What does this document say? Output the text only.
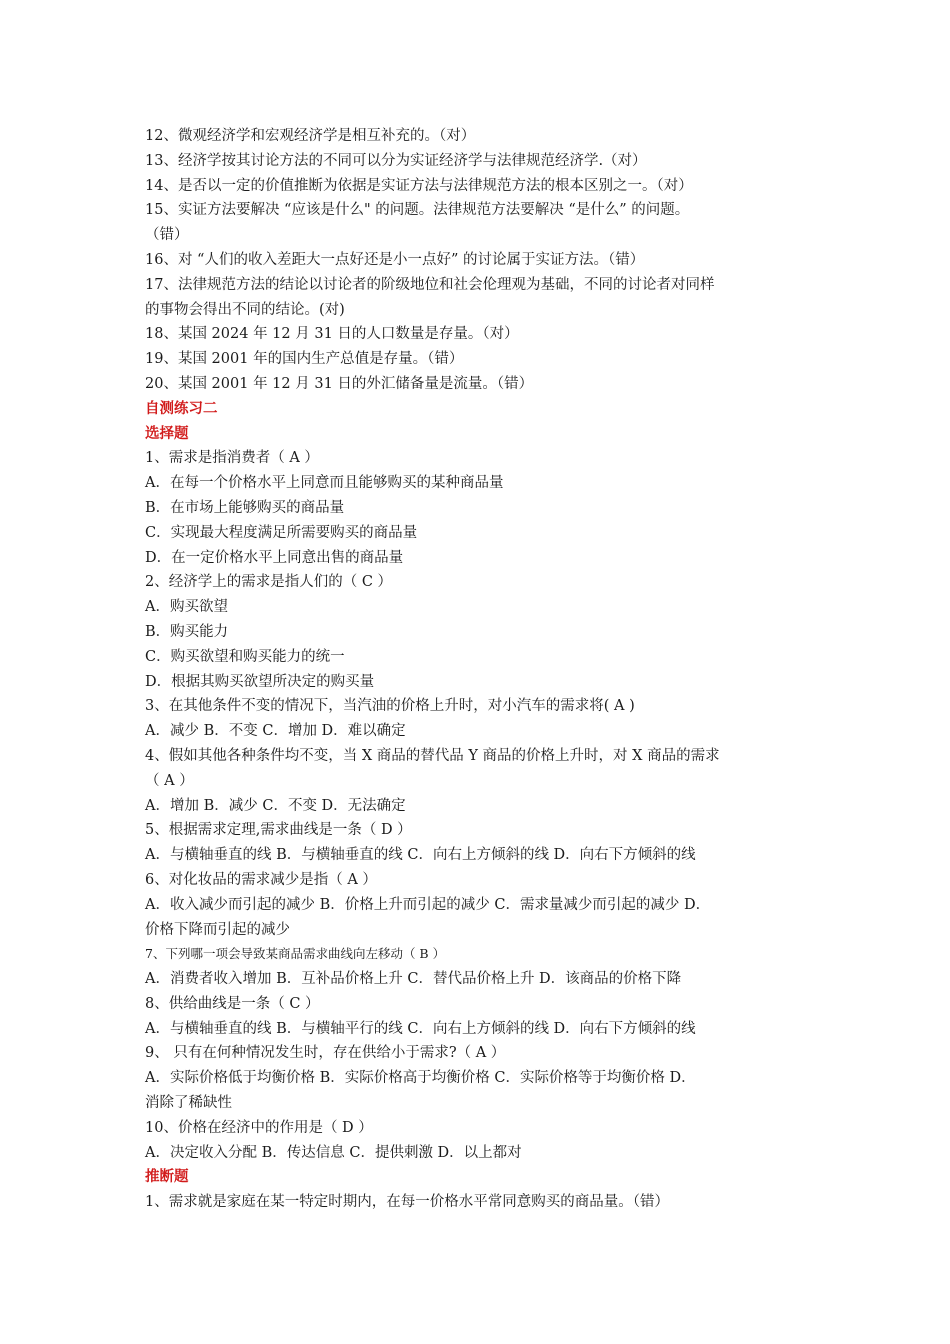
12、微观经济学和宏观经济学是相互补充的。（对）
13、经济学按其讨论方法的不同可以分为实证经济学与法律规范经济学.（对）
14、是否以一定的价值推断为依据是实证方法与法律规范方法的根本区别之一。（对）
15、实证方法要解决 “应该是什么" 的问题。法律规范方法要解决 “是什么” 的问题。
（错）
16、对 “人们的收入差距大一点好还是小一点好” 的讨论属于实证方法。（错）
17、法律规范方法的结论以讨论者的阶级地位和社会伦理观为基础，不同的讨论者对同样
的事物会得出不同的结论。(对)
18、某国 2024 年 12 月 31 日的人口数量是存量。（对）
19、某国 2001 年的国内生产总值是存量。（错）
20、某国 2001 年 12 月 31 日的外汇储备量是流量。（错）
自测练习二
选择题
1、需求是指消费者（ A ）
A．在每一个价格水平上同意而且能够购买的某种商品量
B．在市场上能够购买的商品量
C．实现最大程度满足所需要购买的商品量
D．在一定价格水平上同意出售的商品量
2、经济学上的需求是指人们的（ C ）
A．购买欲望
B．购买能力
C．购买欲望和购买能力的统一
D．根据其购买欲望所决定的购买量
3、在其他条件不变的情况下，当汽油的价格上升时，对小汽车的需求将( A )
A．减少 B．不变 C．增加 D．难以确定
4、假如其他各种条件均不变，当 X 商品的替代品 Y 商品的价格上升时，对 X 商品的需求
（ A ）
A．增加 B．减少 C．不变 D．无法确定
5、根据需求定理,需求曲线是一条（ D ）
A．与横轴垂直的线 B．与横轴垂直的线 C．向右上方倾斜的线 D．向右下方倾斜的线
6、对化妆品的需求减少是指（ A ）
A．收入减少而引起的减少 B．价格上升而引起的减少 C．需求量减少而引起的减少 D．
价格下降而引起的减少
7、下列哪一项会导致某商品需求曲线向左移动（ B ）
A．消费者收入增加 B．互补品价格上升 C．替代品价格上升 D．该商品的价格下降
8、供给曲线是一条（ C ）
A．与横轴垂直的线 B．与横轴平行的线 C．向右上方倾斜的线 D．向右下方倾斜的线
9、 只有在何种情况发生时，存在供给小于需求?（ A ）
A．实际价格低于均衡价格 B．实际价格高于均衡价格 C．实际价格等于均衡价格 D．
消除了稀缺性
10、价格在经济中的作用是（ D ）
A．决定收入分配 B．传达信息 C．提供刺激 D．以上都对
推断题
1、需求就是家庭在某一特定时期内，在每一价格水平常同意购买的商品量。（错）
